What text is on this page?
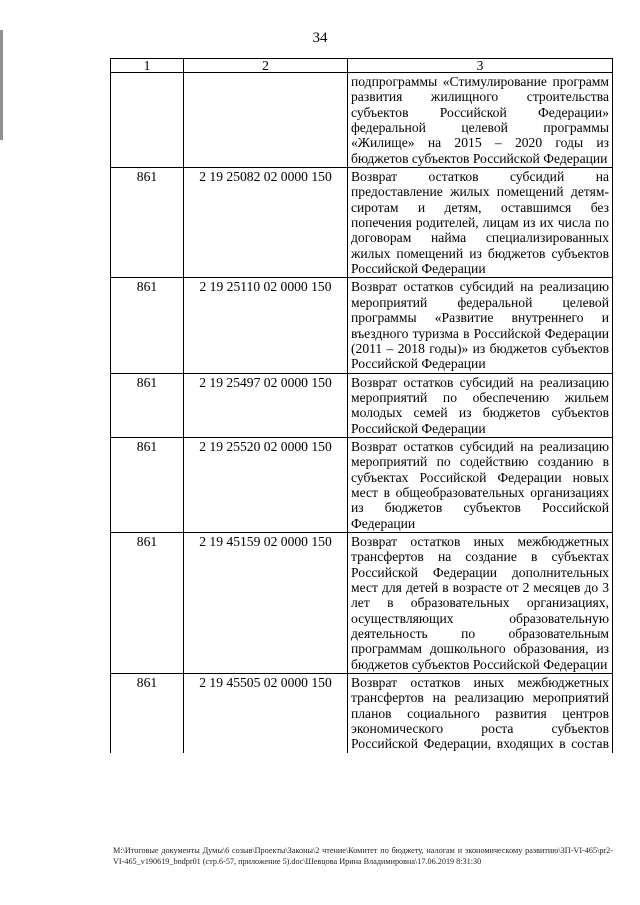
34
1	2	3
		подпрограммы «Стимулирование программ развития жилищного строительства субъектов Российской Федерации» федеральной целевой программы «Жилище» на 2015 – 2020 годы из бюджетов субъектов Российской Федерации
861	2 19 25082 02 0000 150	Возврат остатков субсидий на предоставление жилых помещений детям-сиротам и детям, оставшимся без попечения родителей, лицам из их числа по договорам найма специализированных жилых помещений из бюджетов субъектов Российской Федерации
861	2 19 25110 02 0000 150	Возврат остатков субсидий на реализацию мероприятий федеральной целевой программы «Развитие внутреннего и въездного туризма в Российской Федерации (2011 – 2018 годы)» из бюджетов субъектов Российской Федерации
861	2 19 25497 02 0000 150	Возврат остатков субсидий на реализацию мероприятий по обеспечению жильем молодых семей из бюджетов субъектов Российской Федерации
861	2 19 25520 02 0000 150	Возврат остатков субсидий на реализацию мероприятий по содействию созданию в субъектах Российской Федерации новых мест в общеобразовательных организациях из бюджетов субъектов Российской Федерации
861	2 19 45159 02 0000 150	Возврат остатков иных межбюджетных трансфертов на создание в субъектах Российской Федерации дополнительных мест для детей в возрасте от 2 месяцев до 3 лет в образовательных организациях, осуществляющих образовательную деятельность по образовательным программам дошкольного образования, из бюджетов субъектов Российской Федерации
861	2 19 45505 02 0000 150	Возврат остатков иных межбюджетных трансфертов на реализацию мероприятий планов социального развития центров экономического роста субъектов Российской Федерации, входящих в состав
М:\Итоговые документы Думы\6 созыв\Проекты\Законы\2 чтение\Комитет по бюджету, налогам и экономическому развитию\ЗП-VI-465\pr2-VI-465_v190619_bndpr01 (стр.6-57, приложение 5).doc\Шевцова Ирина Владимировна\17.06.2019 8:31:30
